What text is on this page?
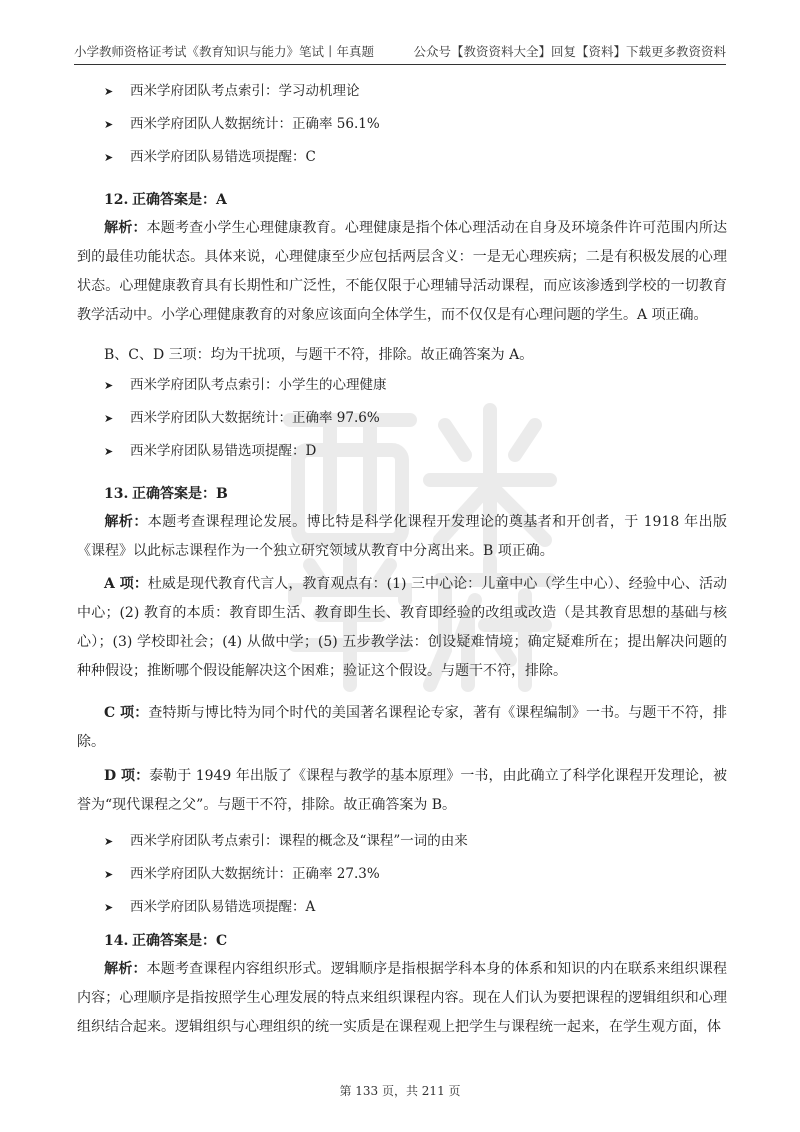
小学教师资格证考试《教育知识与能力》笔试丨年真题	公众号【教资资料大全】回复【资料】下载更多教资资料
➤ 西米学府团队考点索引：学习动机理论
➤ 西米学府团队人数据统计：正确率 56.1%
➤ 西米学府团队易错选项提醒：C
12. 正确答案是：A
解析：本题考查小学生心理健康教育。心理健康是指个体心理活动在自身及环境条件许可范围内所达到的最佳功能状态。具体来说，心理健康至少应包括两层含义：一是无心理疾病；二是有积极发展的心理状态。心理健康教育具有长期性和广泛性，不能仅限于心理辅导活动课程，而应该渗透到学校的一切教育教学活动中。小学心理健康教育的对象应该面向全体学生，而不仅仅是有心理问题的学生。A 项正确。
B、C、D 三项：均为干扰项，与题干不符，排除。故正确答案为 A。
➤ 西米学府团队考点索引：小学生的心理健康
➤ 西米学府团队大数据统计：正确率 97.6%
➤ 西米学府团队易错选项提醒：D
13. 正确答案是：B
解析：本题考查课程理论发展。博比特是科学化课程开发理论的奠基者和开创者，于 1918 年出版《课程》以此标志课程作为一个独立研究领域从教育中分离出来。B 项正确。
A 项：杜威是现代教育代言人，教育观点有：(1) 三中心论：儿童中心（学生中心）、经验中心、活动中心；(2) 教育的本质：教育即生活、教育即生长、教育即经验的改组或改造（是其教育思想的基础与核心）；(3) 学校即社会；(4) 从做中学；(5) 五步教学法：创设疑难情境；确定疑难所在；提出解决问题的种种假设；推断哪个假设能解决这个困难；验证这个假设。与题干不符，排除。
C 项：查特斯与博比特为同个时代的美国著名课程论专家，著有《课程编制》一书。与题干不符，排除。
D 项：泰勒于 1949 年出版了《课程与教学的基本原理》一书，由此确立了科学化课程开发理论，被誉为“现代课程之父”。与题干不符，排除。故正确答案为 B。
➤ 西米学府团队考点索引：课程的概念及“课程”一词的由来
➤ 西米学府团队大数据统计：正确率 27.3%
➤ 西米学府团队易错选项提醒：A
14. 正确答案是：C
解析：本题考查课程内容组织形式。逻辑顺序是指根据学科本身的体系和知识的内在联系来组织课程内容；心理顺序是指按照学生心理发展的特点来组织课程内容。现在人们认为要把课程的逻辑组织和心理组织结合起来。逻辑组织与心理组织的统一实质是在课程观上把学生与课程统一起来，在学生观方面，体
第 133 页，共 211 页
